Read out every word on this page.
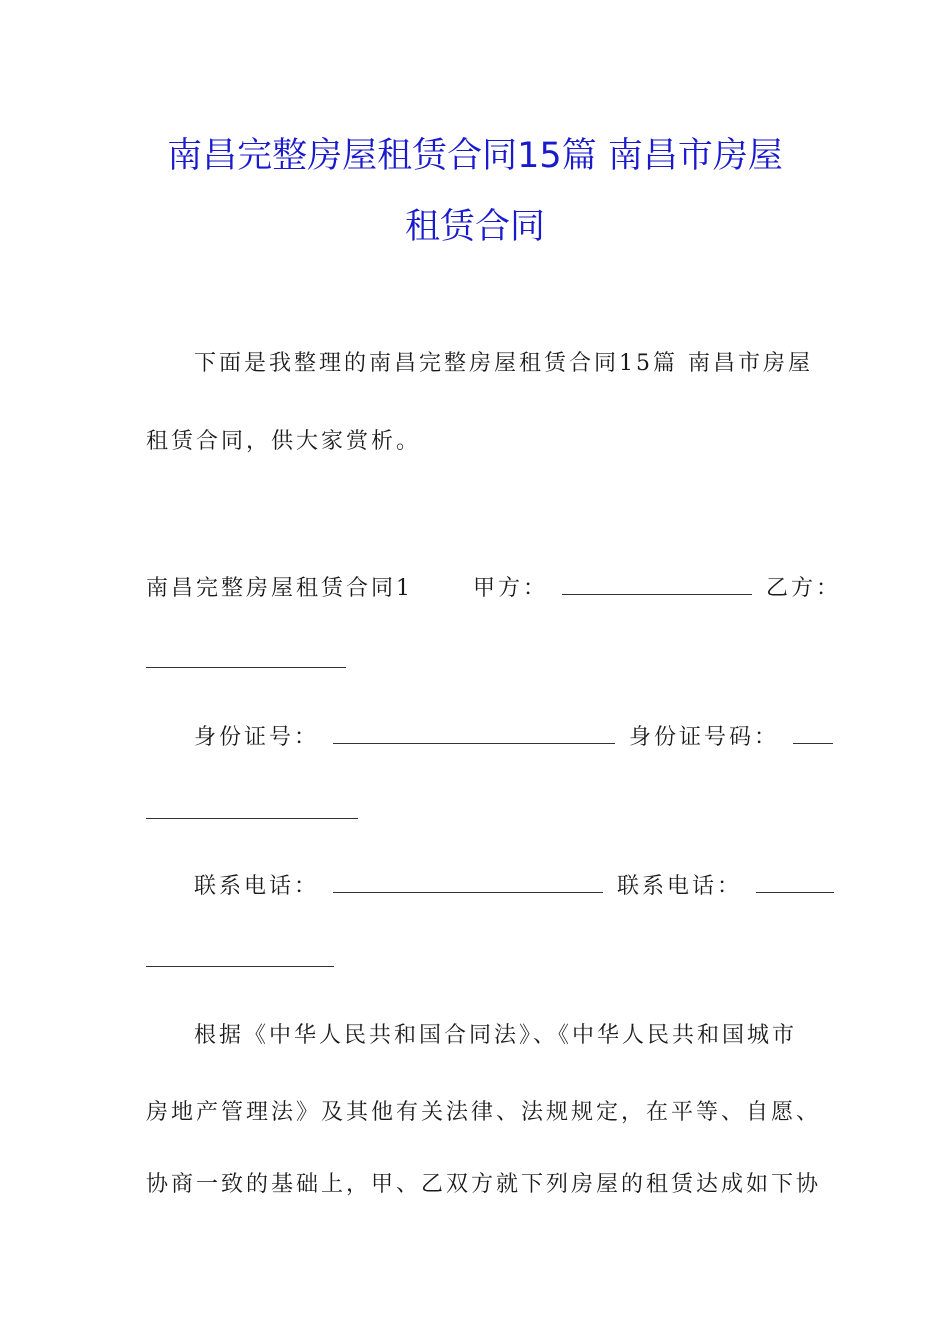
南昌完整房屋租赁合同15篇 南昌市房屋
租赁合同
下面是我整理的南昌完整房屋租赁合同15篇 南昌市房屋
租赁合同，供大家赏析。
南昌完整房屋租赁合同1	甲方：	乙方：
身份证号：	身份证号码：
联系电话：	联系电话：
根据《中华人民共和国合同法》、《中华人民共和国城市
房地产管理法》及其他有关法律、法规规定，在平等、自愿、
协商一致的基础上，甲、乙双方就下列房屋的租赁达成如下协
